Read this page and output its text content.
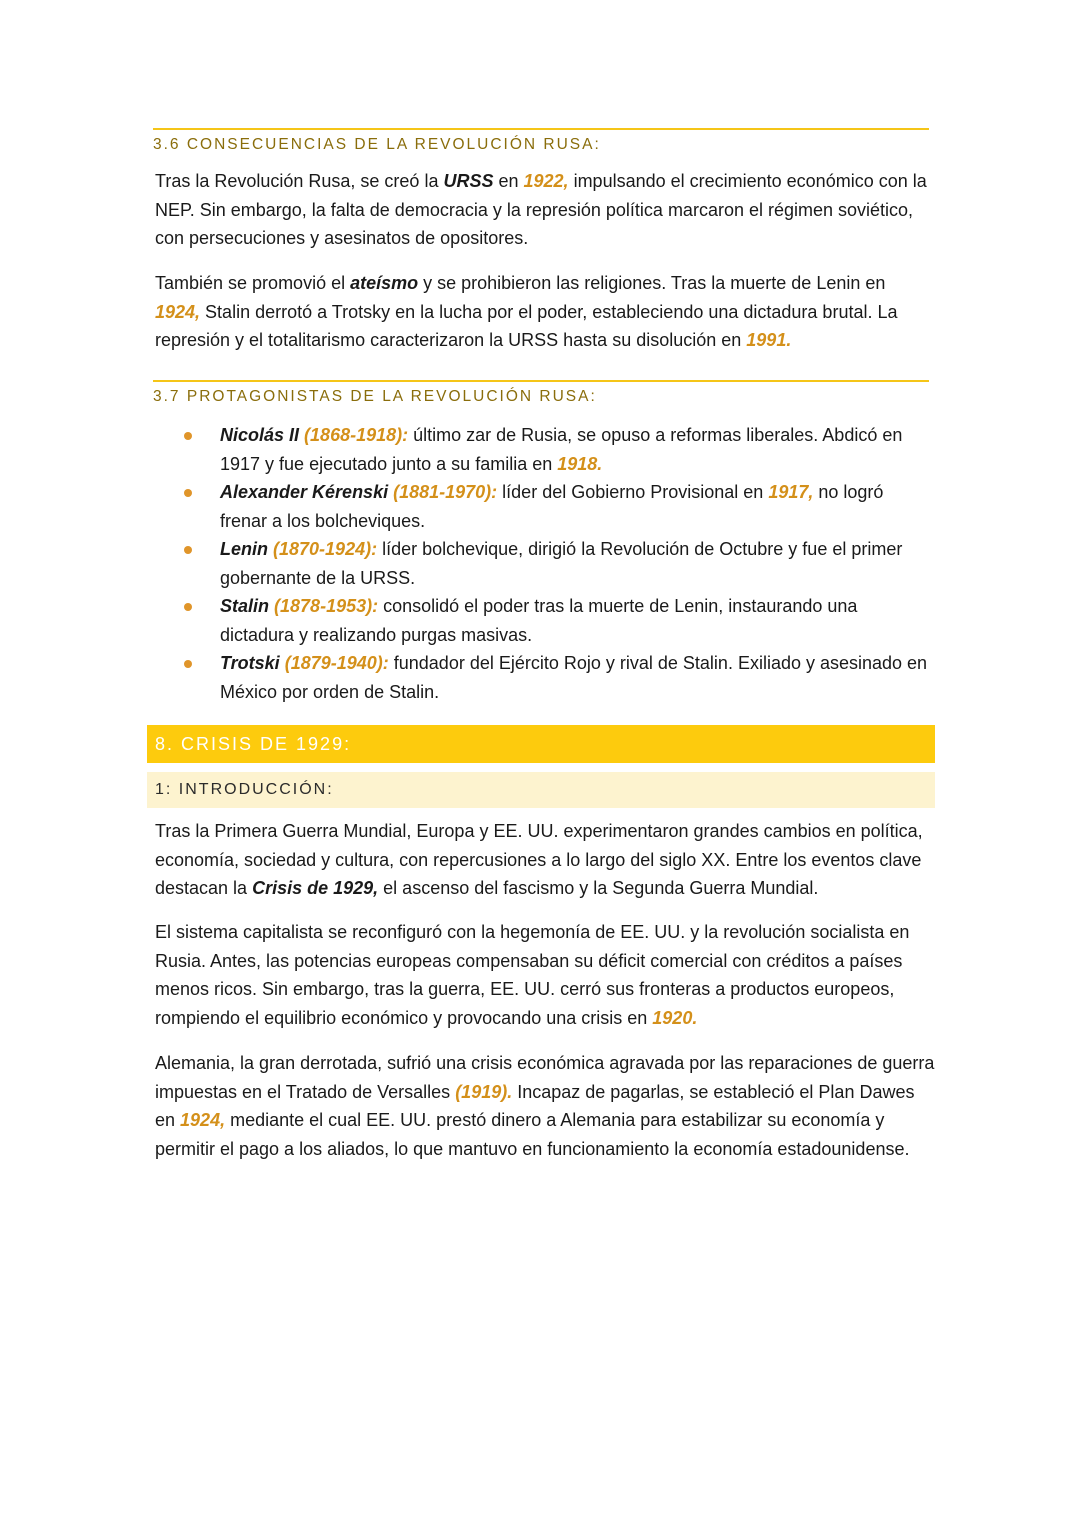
3.6 CONSECUENCIAS DE LA REVOLUCIÓN RUSA:

Tras la Revolución Rusa, se creó la URSS en 1922, impulsando el crecimiento económico con la NEP. Sin embargo, la falta de democracia y la represión política marcaron el régimen soviético, con persecuciones y asesinatos de opositores.

También se promovió el ateísmo y se prohibieron las religiones. Tras la muerte de Lenin en 1924, Stalin derrotó a Trotsky en la lucha por el poder, estableciendo una dictadura brutal. La represión y el totalitarismo caracterizaron la URSS hasta su disolución en 1991.

3.7 PROTAGONISTAS DE LA REVOLUCIÓN RUSA:
Nicolás II (1868-1918): último zar de Rusia, se opuso a reformas liberales. Abdicó en 1917 y fue ejecutado junto a su familia en 1918.
Alexander Kérenski (1881-1970): líder del Gobierno Provisional en 1917, no logró frenar a los bolcheviques.
Lenin (1870-1924): líder bolchevique, dirigió la Revolución de Octubre y fue el primer gobernante de la URSS.
Stalin (1878-1953): consolidó el poder tras la muerte de Lenin, instaurando una dictadura y realizando purgas masivas.
Trotski (1879-1940): fundador del Ejército Rojo y rival de Stalin. Exiliado y asesinado en México por orden de Stalin.
8. CRISIS DE 1929:
1: INTRODUCCIÓN:

Tras la Primera Guerra Mundial, Europa y EE. UU. experimentaron grandes cambios en política, economía, sociedad y cultura, con repercusiones a lo largo del siglo XX. Entre los eventos clave destacan la Crisis de 1929, el ascenso del fascismo y la Segunda Guerra Mundial.

El sistema capitalista se reconfiguró con la hegemonía de EE. UU. y la revolución socialista en Rusia. Antes, las potencias europeas compensaban su déficit comercial con créditos a países menos ricos. Sin embargo, tras la guerra, EE. UU. cerró sus fronteras a productos europeos, rompiendo el equilibrio económico y provocando una crisis en 1920.

Alemania, la gran derrotada, sufrió una crisis económica agravada por las reparaciones de guerra impuestas en el Tratado de Versalles (1919). Incapaz de pagarlas, se estableció el Plan Dawes en 1924, mediante el cual EE. UU. prestó dinero a Alemania para estabilizar su economía y permitir el pago a los aliados, lo que mantuvo en funcionamiento la economía estadounidense.
